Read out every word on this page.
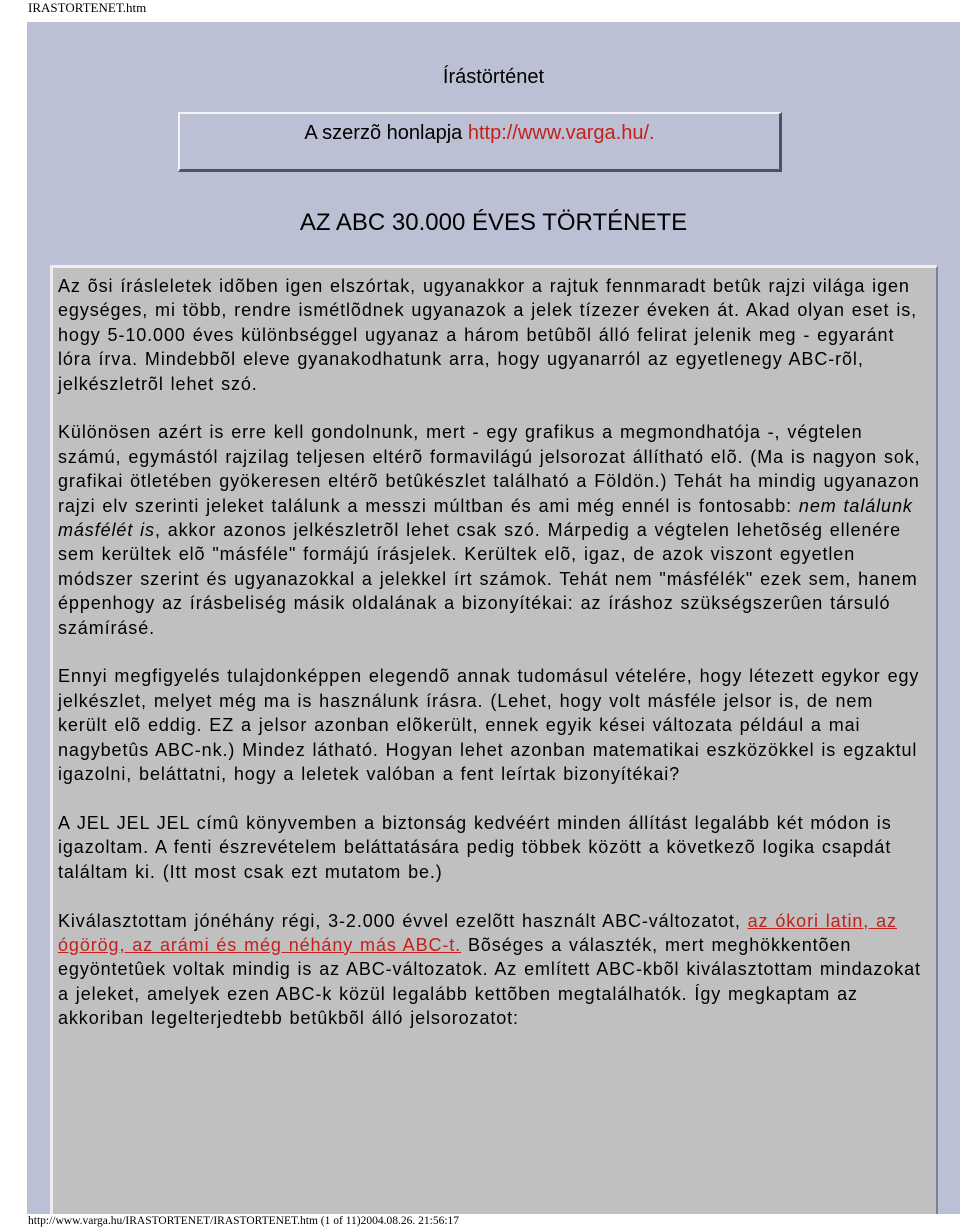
IRASTORTENET.htm
Írástörténet
A szerzõ honlapja http://www.varga.hu/.
AZ ABC 30.000 ÉVES TÖRTÉNETE

Az õsi írásleletek idõben igen elszórtak, ugyanakkor a rajtuk fennmaradt betûk rajzi világa igen egységes, mi több, rendre ismétlõdnek ugyanazok a jelek tízezer éveken át. Akad olyan eset is, hogy 5-10.000 éves különbséggel ugyanaz a három betûbõl álló felirat jelenik meg - egyaránt lóra írva. Mindebbõl eleve gyanakodhatunk arra, hogy ugyanarról az egyetlenegy ABC-rõl, jelkészletrõl lehet szó.

Különösen azért is erre kell gondolnunk, mert - egy grafikus a megmondhatója -, végtelen számú, egymástól rajzilag teljesen eltérõ formavilágú jelsorozat állítható elõ. (Ma is nagyon sok, grafikai ötletében gyökeresen eltérõ betûkészlet található a Földön.) Tehát ha mindig ugyanazon rajzi elv szerinti jeleket találunk a messzi múltban és ami még ennél is fontosabb: nem találunk másfélét is, akkor azonos jelkészletrõl lehet csak szó. Márpedig a végtelen lehetõség ellenére sem kerültek elõ "másféle" formájú írásjelek. Kerültek elõ, igaz, de azok viszont egyetlen módszer szerint és ugyanazokkal a jelekkel írt számok. Tehát nem "másfélék" ezek sem, hanem éppenhogy az írásbeliség másik oldalának a bizonyítékai: az íráshoz szükségszerûen társuló számírásé.

Ennyi megfigyelés tulajdonképpen elegendõ annak tudomásul vételére, hogy létezett egykor egy jelkészlet, melyet még ma is használunk írásra. (Lehet, hogy volt másféle jelsor is, de nem került elõ eddig. EZ a jelsor azonban elõkerült, ennek egyik kései változata például a mai nagybetûs ABC-nk.) Mindez látható. Hogyan lehet azonban matematikai eszközökkel is egzaktul igazolni, beláttatni, hogy a leletek valóban a fent leírtak bizonyítékai?

A JEL JEL JEL címû könyvemben a biztonság kedvéért minden állítást legalább két módon is igazoltam. A fenti észrevételem beláttatására pedig többek között a következõ logika csapdát találtam ki. (Itt most csak ezt mutatom be.)

Kiválasztottam jónéhány régi, 3-2.000 évvel ezelõtt használt ABC-változatot, az ókori latin, az ógörög, az arámi és még néhány más ABC-t. Bõséges a választék, mert meghökkentõen egyöntetûek voltak mindig is az ABC-változatok. Az említett ABC-kbõl kiválasztottam mindazokat a jeleket, amelyek ezen ABC-k közül legalább kettõben megtalálhatók. Így megkaptam az akkoriban legelterjedtebb betûkbõl álló jelsorozatot:

http://www.varga.hu/IRASTORTENET/IRASTORTENET.htm (1 of 11)2004.08.26. 21:56:17
